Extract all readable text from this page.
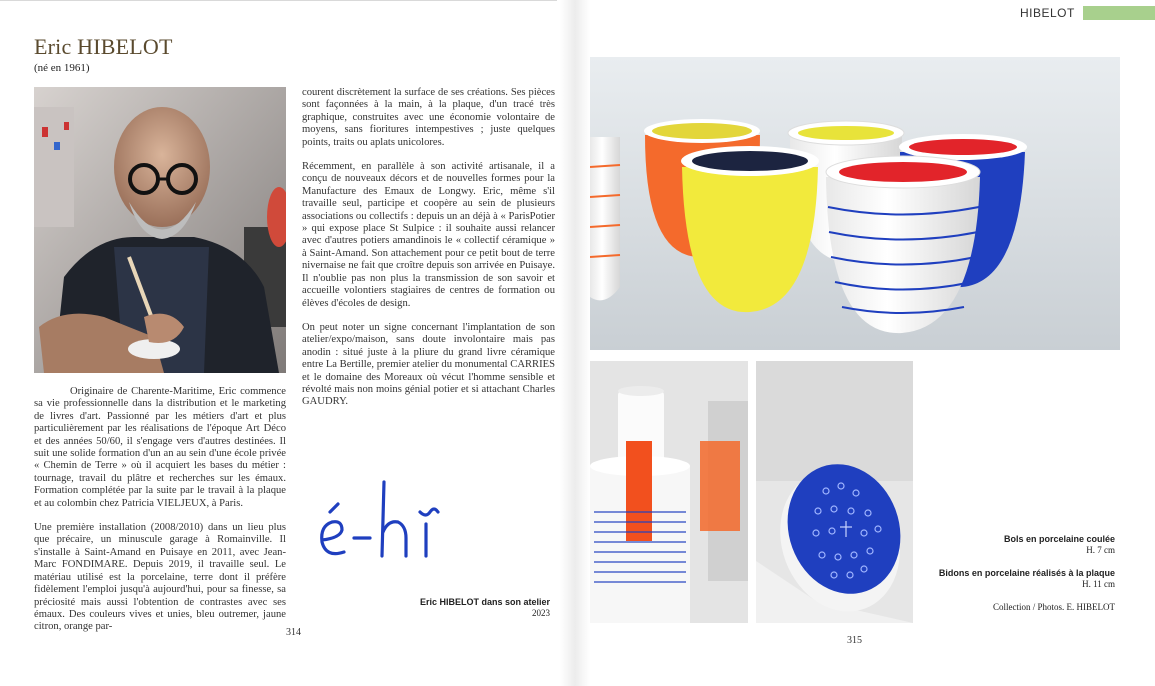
Eric HIBELOT
(né en 1961)

Originaire de Charente-Maritime, Eric commence sa vie professionnelle dans la distribution et le marketing de livres d'art. Passionné par les métiers d'art et plus particulièrement par les réalisations de l'époque Art Déco et des années 50/60, il s'engage vers d'autres destinées. Il suit une solide formation d'un an au sein d'une école privée « Chemin de Terre » où il acquiert les bases du métier : tournage, travail du plâtre et recherches sur les émaux. Formation complétée par la suite par le travail à la plaque et au colombin chez Patricia VIELJEUX, à Paris.

Une première installation (2008/2010) dans un lieu plus que précaire, un minuscule garage à Romainville. Il s'installe à Saint-Amand en Puisaye en 2011, avec Jean-Marc FONDIMARE. Depuis 2019, il travaille seul. Le matériau utilisé est la porcelaine, terre dont il préfère fidèlement l'emploi jusqu'à aujourd'hui, pour sa finesse, sa préciosité mais aussi l'obtention de contrastes avec ses émaux. Des couleurs vives et unies, bleu outremer, jaune citron, orange par-

courent discrètement la surface de ses créations. Ses pièces sont façonnées à la main, à la plaque, d'un tracé très graphique, construites avec une économie volontaire de moyens, sans fioritures intempestives ; juste quelques points, traits ou aplats unicolores.

Récemment, en parallèle à son activité artisanale, il a conçu de nouveaux décors et de nouvelles formes pour la Manufacture des Emaux de Longwy. Eric, même s'il travaille seul, participe et coopère au sein de plusieurs associations ou collectifs : depuis un an déjà à « ParisPotier » qui expose place St Sulpice : il souhaite aussi relancer avec d'autres potiers amandinois le « collectif céramique » à Saint-Amand. Son attachement pour ce petit bout de terre nivernaise ne fait que croître depuis son arrivée en Puisaye. Il n'oublie pas non plus la transmission de son savoir et accueille volontiers stagiaires de centres de formation ou élèves d'écoles de design.

On peut noter un signe concernant l'implantation de son atelier/expo/maison, sans doute involontaire mais pas anodin : situé juste à la pliure du grand livre céramique entre La Bertille, premier atelier du monumental CARRIES et le domaine des Moreaux où vécut l'homme sensible et révolté mais non moins génial potier et si attachant Charles GAUDRY.

Eric HIBELOT dans son atelier
2023
314
HIBELOT
Bols en porcelaine coulée
H. 7 cm
Bidons en porcelaine réalisés à la plaque
H. 11 cm
Collection / Photos. E. HIBELOT
315
